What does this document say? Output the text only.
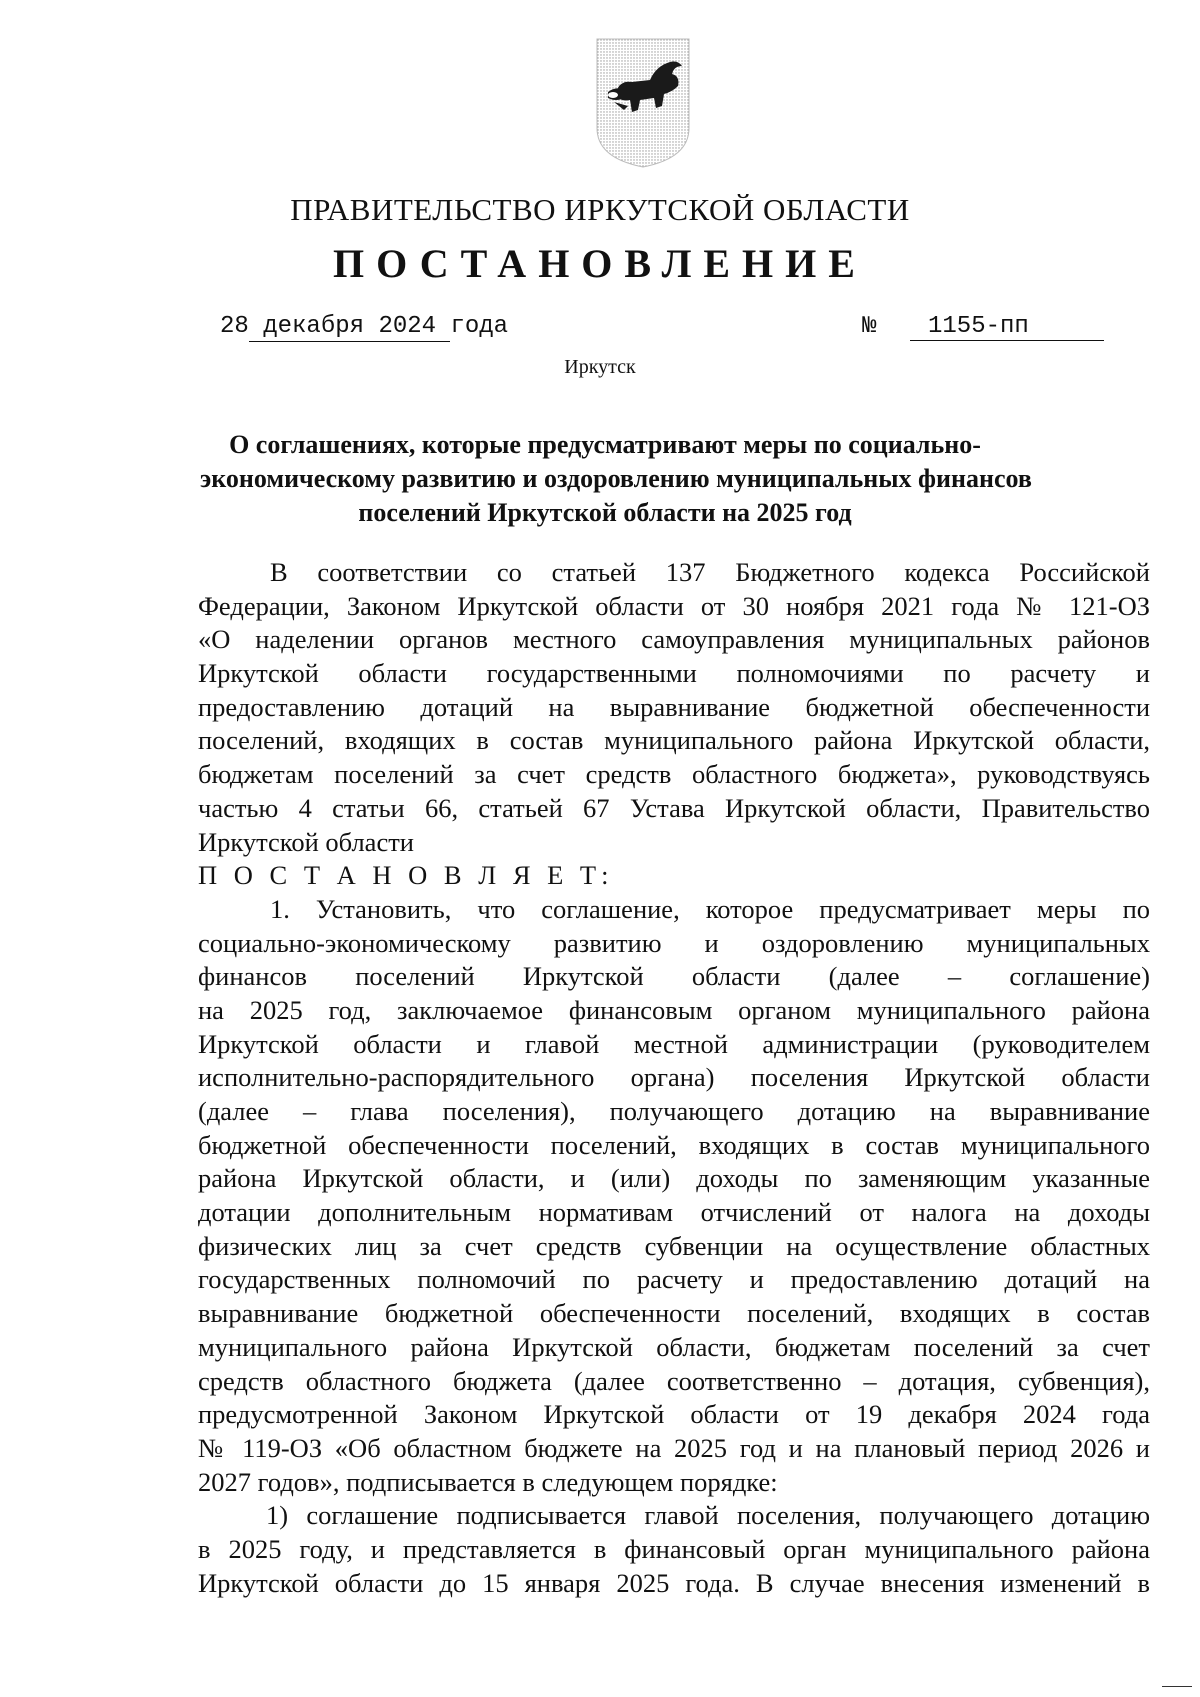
ПРАВИТЕЛЬСТВО ИРКУТСКОЙ ОБЛАСТИ
ПОСТАНОВЛЕНИЕ
28 декабря 2024 года	№ 1155-пп
Иркутск
О соглашениях, которые предусматривают меры по социально-
экономическому развитию и оздоровлению муниципальных финансов
поселений Иркутской области на 2025 год
В соответствии со статьей 137 Бюджетного кодекса Российской
Федерации, Законом Иркутской области от 30 ноября 2021 года № 121-ОЗ
«О наделении органов местного самоуправления муниципальных районов
Иркутской области государственными полномочиями по расчету и
предоставлению дотаций на выравнивание бюджетной обеспеченности
поселений, входящих в состав муниципального района Иркутской области,
бюджетам поселений за счет средств областного бюджета», руководствуясь
частью 4 статьи 66, статьей 67 Устава Иркутской области, Правительство
Иркутской области
П О С Т А Н О В Л Я Е Т:
1. Установить, что соглашение, которое предусматривает меры по
социально-экономическому развитию и оздоровлению муниципальных
финансов поселений Иркутской области (далее – соглашение)
на 2025 год, заключаемое финансовым органом муниципального района
Иркутской области и главой местной администрации (руководителем
исполнительно-распорядительного органа) поселения Иркутской области
(далее – глава поселения), получающего дотацию на выравнивание
бюджетной обеспеченности поселений, входящих в состав муниципального
района Иркутской области, и (или) доходы по заменяющим указанные
дотации дополнительным нормативам отчислений от налога на доходы
физических лиц за счет средств субвенции на осуществление областных
государственных полномочий по расчету и предоставлению дотаций на
выравнивание бюджетной обеспеченности поселений, входящих в состав
муниципального района Иркутской области, бюджетам поселений за счет
средств областного бюджета (далее соответственно – дотация, субвенция),
предусмотренной Законом Иркутской области от 19 декабря 2024 года
№ 119-ОЗ «Об областном бюджете на 2025 год и на плановый период 2026 и
2027 годов», подписывается в следующем порядке:
1) соглашение подписывается главой поселения, получающего дотацию
в 2025 году, и представляется в финансовый орган муниципального района
Иркутской области до 15 января 2025 года. В случае внесения изменений в
